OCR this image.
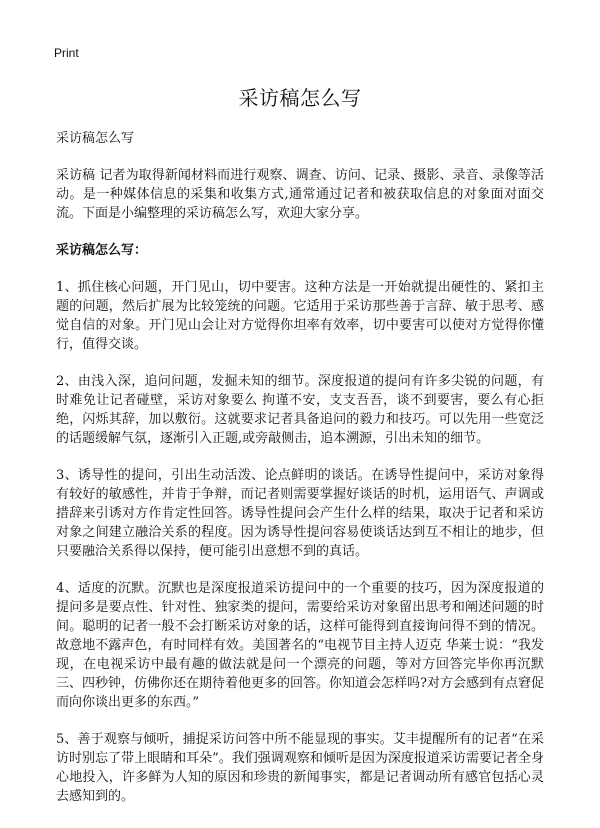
Print
采访稿怎么写

采访稿怎么写

采访稿 记者为取得新闻材料而进行观察、调查、访问、记录、摄影、录音、录像等活动。是一种媒体信息的采集和收集方式,通常通过记者和被获取信息的对象面对面交流。下面是小编整理的采访稿怎么写，欢迎大家分享。

采访稿怎么写：

1、抓住核心问题，开门见山，切中要害。这种方法是一开始就提出硬性的、紧扣主题的问题，然后扩展为比较笼统的问题。它适用于采访那些善于言辞、敏于思考、感觉自信的对象。开门见山会让对方觉得你坦率有效率，切中要害可以使对方觉得你懂行，值得交谈。

2、由浅入深，追问问题，发掘未知的细节。深度报道的提问有许多尖锐的问题，有时难免让记者碰壁，采访对象要么 拘谨不安，支支吾吾，谈不到要害，要么有心拒绝，闪烁其辞，加以敷衍。这就要求记者具备追问的毅力和技巧。可以先用一些宽泛的话题缓解气氛，逐渐引入正题,或旁敲侧击，追本溯源，引出未知的细节。

3、诱导性的提问，引出生动活泼、论点鲜明的谈话。在诱导性提问中，采访对象得有较好的敏感性，并肯于争辩，而记者则需要掌握好谈话的时机，运用语气、声调或措辞来引诱对方作肯定性回答。诱导性提问会产生什么样的结果，取决于记者和采访对象之间建立融洽关系的程度。因为诱导性提问容易使谈话达到互不相让的地步，但只要融洽关系得以保持，便可能引出意想不到的真话。

4、适度的沉默。沉默也是深度报道采访提问中的一个重要的技巧，因为深度报道的提问多是要点性、针对性、独家类的提问，需要给采访对象留出思考和阐述问题的时间。聪明的记者一般不会打断采访对象的话，这样可能得到直接询问得不到的情况。故意地不露声色，有时同样有效。美国著名的“电视节目主持人迈克 华莱士说：“我发现，在电视采访中最有趣的做法就是问一个漂亮的问题，等对方回答完毕你再沉默三、四秒钟，仿佛你还在期待着他更多的回答。你知道会怎样吗?对方会感到有点窘促而向你谈出更多的东西。”

5、善于观察与倾听，捕捉采访问答中所不能显现的事实。艾丰提醒所有的记者“在采访时别忘了带上眼睛和耳朵”。我们强调观察和倾听是因为深度报道采访需要记者全身心地投入，许多鲜为人知的原因和珍贵的新闻事实，都是记者调动所有感官包括心灵去感知到的。
